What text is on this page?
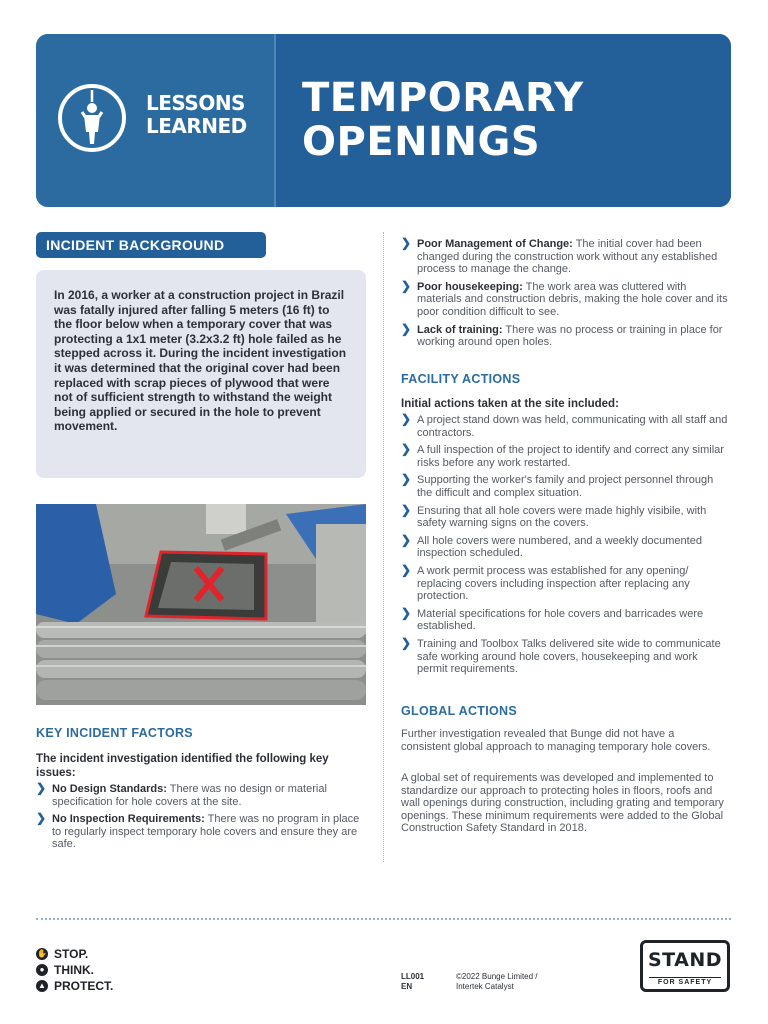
LESSONS
LEARNED
TEMPORARY
OPENINGS
INCIDENT BACKGROUND

In 2016, a worker at a construction project in Brazil was fatally injured after falling 5 meters (16 ft) to the floor below when a temporary cover that was protecting a 1x1 meter (3.2x3.2 ft) hole failed as he stepped across it. During the incident investigation it was determined that the original cover had been replaced with scrap pieces of plywood that were not of sufficient strength to withstand the weight being applied or secured in the hole to prevent movement.

KEY INCIDENT FACTORS
The incident investigation identified the following key issues:
❯ No Design Standards: There was no design or material specification for hole covers at the site.
❯ No Inspection Requirements: There was no program in place to regularly inspect temporary hole covers and ensure they are safe.
❯ Poor Management of Change: The initial cover had been changed during the construction work without any established process to manage the change.
❯ Poor housekeeping: The work area was cluttered with materials and construction debris, making the hole cover and its poor condition difficult to see.
❯ Lack of training: There was no process or training in place for working around open holes.
FACILITY ACTIONS
Initial actions taken at the site included:
❯ A project stand down was held, communicating with all staff and contractors.
❯ A full inspection of the project to identify and correct any similar risks before any work restarted.
❯ Supporting the worker's family and project personnel through the difficult and complex situation.
❯ Ensuring that all hole covers were made highly visibile, with safety warning signs on the covers.
❯ All hole covers were numbered, and a weekly documented inspection scheduled.
❯ A work permit process was established for any opening/ replacing covers including inspection after replacing any protection.
❯ Material specifications for hole covers and barricades were established.
❯ Training and Toolbox Talks delivered site wide to communicate safe working around hole covers, housekeeping and work permit requirements.
GLOBAL ACTIONS
Further investigation revealed that Bunge did not have a consistent global approach to managing temporary hole covers.
A global set of requirements was developed and implemented to standardize our approach to protecting holes in floors, roofs and wall openings during construction, including grating and temporary openings. These minimum requirements were added to the Global Construction Safety Standard in 2018.
✋ STOP.
● THINK.
▲ PROTECT.
LL001
EN
©2022 Bunge Limited /
Intertek Catalyst
STAND
FOR SAFETY
